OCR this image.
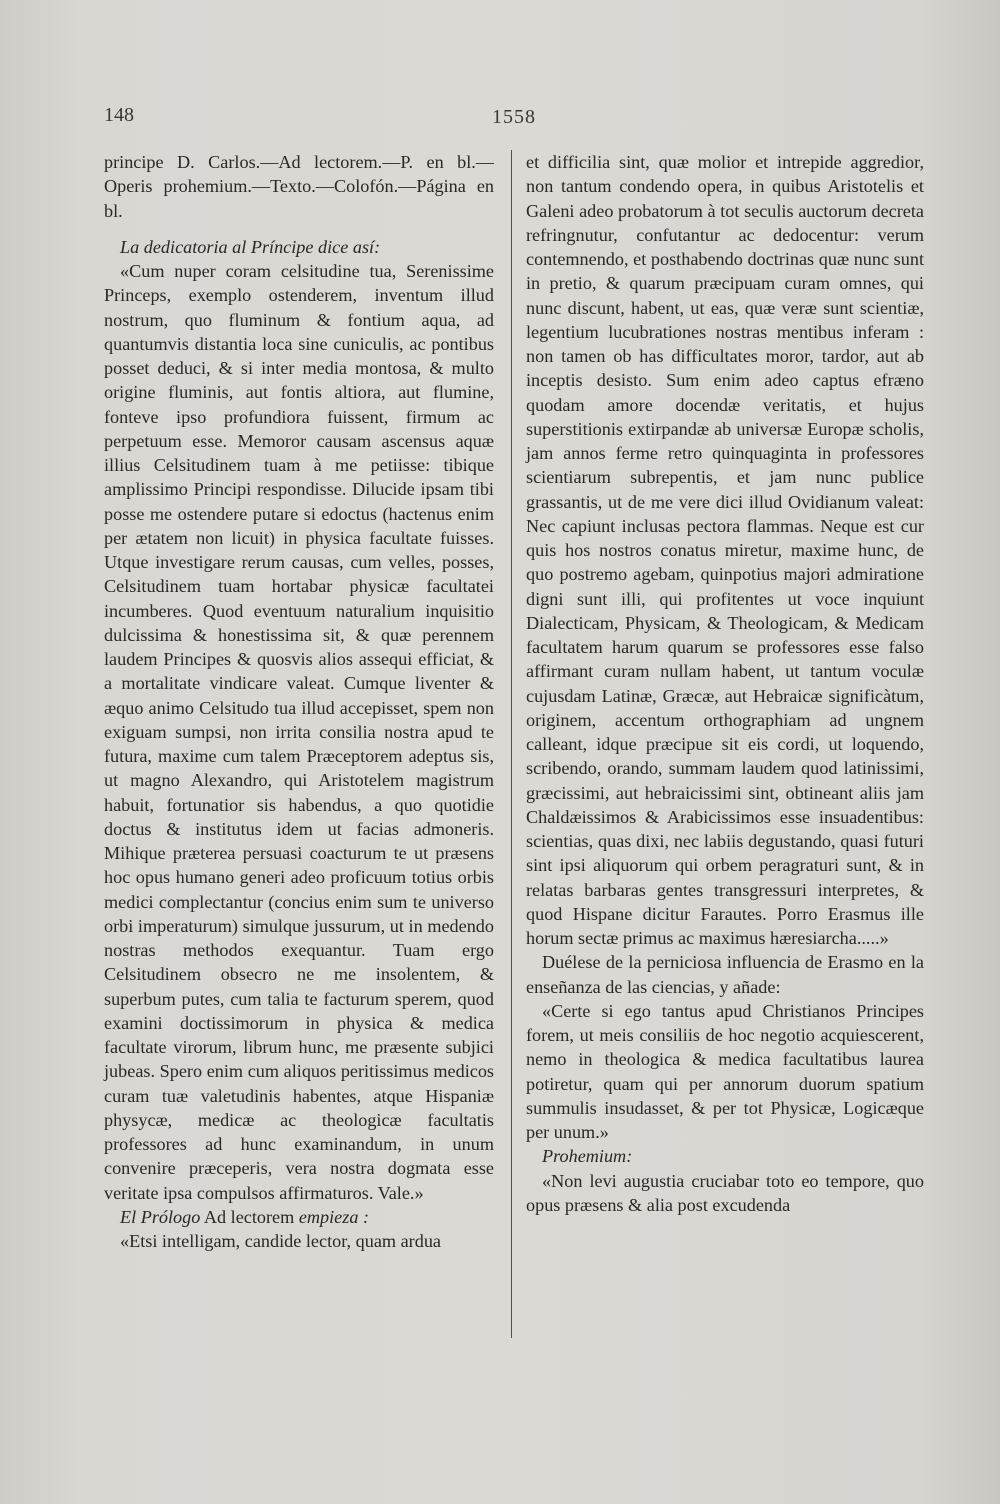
148	1558

principe D. Carlos.—Ad lectorem.—P. en bl.— Operis prohemium.—Texto.—Colofón.—Página en bl.

La dedicatoria al Príncipe dice así:

«Cum nuper coram celsitudine tua, Serenissime Princeps, exemplo ostenderem, inventum illud nostrum, quo fluminum & fontium aqua, ad quantumvis distantia loca sine cuniculis, ac pontibus posset deduci, & si inter media montosa, & multo origine fluminis, aut fontis altiora, aut flumine, fonteve ipso profundiora fuissent, firmum ac perpetuum esse. Memoror causam ascensus aquæ illius Celsitudinem tuam à me petiisse: tibique amplissimo Principi respondisse. Dilucide ipsam tibi posse me ostendere putare si edoctus (hactenus enim per ætatem non licuit) in physica facultate fuisses. Utque investigare rerum causas, cum velles, posses, Celsitudinem tuam hortabar physicæ facultatei incumberes. Quod eventuum naturalium inquisitio dulcissima & honestissima sit, & quæ perennem laudem Principes & quosvis alios assequi efficiat, & a mortalitate vindicare valeat. Cumque liventer & æquo animo Celsitudo tua illud accepisset, spem non exiguam sumpsi, non irrita consilia nostra apud te futura, maxime cum talem Præceptorem adeptus sis, ut magno Alexandro, qui Aristotelem magistrum habuit, fortunatior sis habendus, a quo quotidie doctus & institutus idem ut facias admoneris. Mihique præterea persuasi coacturum te ut præsens hoc opus humano generi adeo proficuum totius orbis medici complectantur (concius enim sum te universo orbi imperaturum) simulque jussurum, ut in medendo nostras methodos exequantur. Tuam ergo Celsitudinem obsecro ne me insolentem, & superbum putes, cum talia te facturum sperem, quod examini doctissimorum in physica & medica facultate virorum, librum hunc, me præsente subjici jubeas. Spero enim cum aliquos peritissimus medicos curam tuæ valetudinis habentes, atque Hispaniæ physycæ, medicæ ac theologicæ facultatis professores ad hunc examinandum, in unum convenire præceperis, vera nostra dogmata esse veritate ipsa compulsos affirmaturos. Vale.»

El Prólogo Ad lectorem empieza :

«Etsi intelligam, candide lector, quam ardua

et difficilia sint, quæ molior et intrepide aggredior, non tantum condendo opera, in quibus Aristotelis et Galeni adeo probatorum à tot seculis auctorum decreta refringnutur, confutantur ac dedocentur: verum contemnendo, et posthabendo doctrinas quæ nunc sunt in pretio, & quarum præcipuam curam omnes, qui nunc discunt, habent, ut eas, quæ veræ sunt scientiæ, legentium lucubrationes nostras mentibus inferam : non tamen ob has difficultates moror, tardor, aut ab inceptis desisto. Sum enim adeo captus efræno quodam amore docendæ veritatis, et hujus superstitionis extirpandæ ab universæ Europæ scholis, jam annos ferme retro quinquaginta in professores scientiarum subrepentis, et jam nunc publice grassantis, ut de me vere dici illud Ovidianum valeat: Nec capiunt inclusas pectora flammas. Neque est cur quis hos nostros conatus miretur, maxime hunc, de quo postremo agebam, quinpotius majori admiratione digni sunt illi, qui profitentes ut voce inquiunt Dialecticam, Physicam, & Theologicam, & Medicam facultatem harum quarum se professores esse falso affirmant curam nullam habent, ut tantum voculæ cujusdam Latinæ, Græcæ, aut Hebraicæ significàtum, originem, accentum orthographiam ad ungnem calleant, idque præcipue sit eis cordi, ut loquendo, scribendo, orando, summam laudem quod latinissimi, græcissimi, aut hebraicissimi sint, obtineant aliis jam Chaldæissimos & Arabicissimos esse insuadentibus: scientias, quas dixi, nec labiis degustando, quasi futuri sint ipsi aliquorum qui orbem peragraturi sunt, & in relatas barbaras gentes transgressuri interpretes, & quod Hispane dicitur Farautes. Porro Erasmus ille horum sectæ primus ac maximus hæresiarcha.....»

Duélese de la perniciosa influencia de Erasmo en la enseñanza de las ciencias, y añade:

«Certe si ego tantus apud Christianos Principes forem, ut meis consiliis de hoc negotio acquiescerent, nemo in theologica & medica facultatibus laurea potiretur, quam qui per annorum duorum spatium summulis insudasset, & per tot Physicæ, Logicæque per unum.»

Prohemium:

«Non levi augustia cruciabar toto eo tempore, quo opus præsens & alia post excudenda
